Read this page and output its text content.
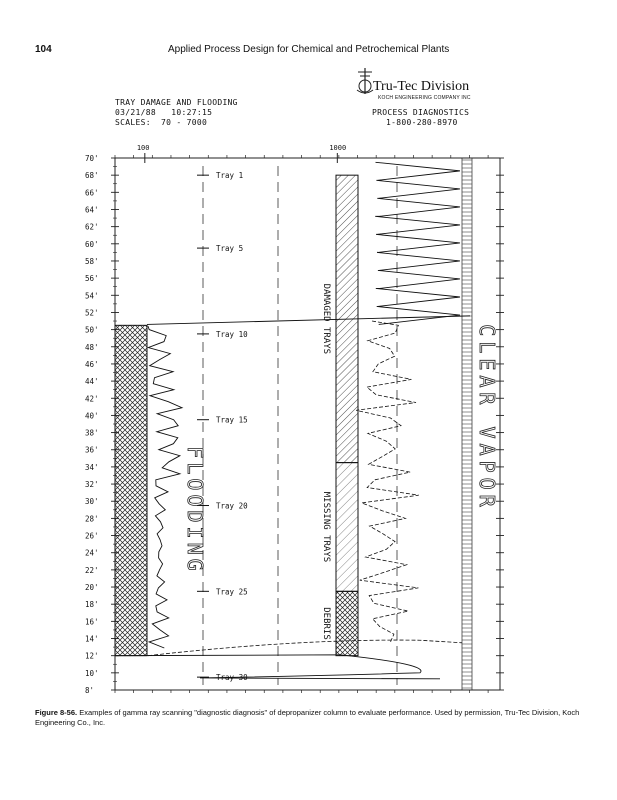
104	Applied Process Design for Chemical and Petrochemical Plants
TRAY DAMAGE AND FLOODING
03/21/88   10:27:15
SCALES:  70 - 7000
Tru-Tec Division
KOCH ENGINEERING COMPANY INC
PROCESS DIAGNOSTICS
1-800-280-8970
Tray 1
Tray 5
Tray 10
Tray 15
Tray 20
Tray 25
Tray 30
DAMAGED TRAYS
MISSING TRAYS
DEBRIS
FLOODING	CLEAR VAPOR
100	1000
70'
68'
66'
64'
62'
60'
58'
56'
54'
52'
50'
48'
46'
44'
42'
40'
38'
36'
34'
32'
30'
28'
26'
24'
22'
20'
18'
16'
14'
12'
10'
8'
Figure 8-56. Examples of gamma ray scanning "diagnostic diagnosis" of depropanizer column to evaluate performance. Used by permission, Tru-Tec Division, Koch Engineering Co., Inc.
